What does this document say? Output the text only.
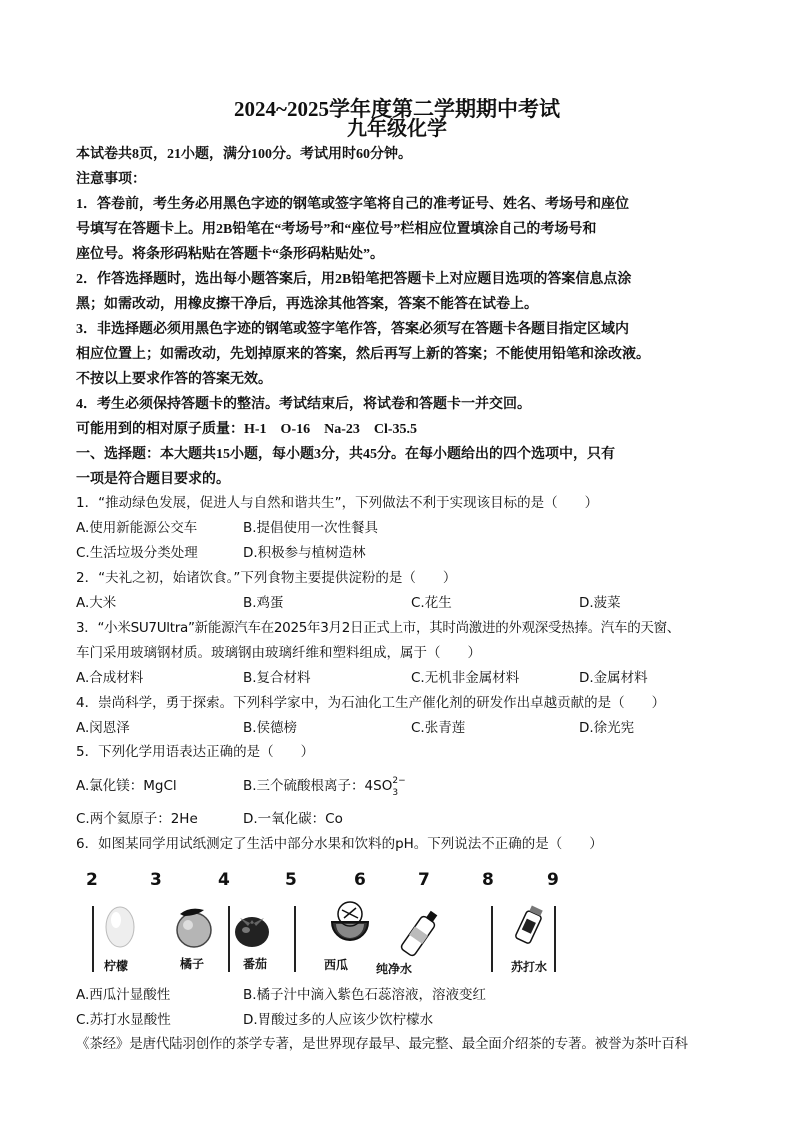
2024~2025学年度第二学期期中考试
九年级化学
本试卷共8页，21小题，满分100分。考试用时60分钟。
注意事项：
1．答卷前，考生务必用黑色字迹的钢笔或签字笔将自己的准考证号、姓名、考场号和座位
号填写在答题卡上。用2B铅笔在“考场号”和“座位号”栏相应位置填涂自己的考场号和
座位号。将条形码粘贴在答题卡“条形码粘贴处”。
2．作答选择题时，选出每小题答案后，用2B铅笔把答题卡上对应题目选项的答案信息点涂
黑；如需改动，用橡皮擦干净后，再选涂其他答案，答案不能答在试卷上。
3．非选择题必须用黑色字迹的钢笔或签字笔作答，答案必须写在答题卡各题目指定区域内
相应位置上；如需改动，先划掉原来的答案，然后再写上新的答案；不能使用铅笔和涂改液。
不按以上要求作答的答案无效。
4．考生必须保持答题卡的整洁。考试结束后，将试卷和答题卡一并交回。
可能用到的相对原子质量：H-1　O-16　Na-23　Cl-35.5
一、选择题：本大题共15小题，每小题3分，共45分。在每小题给出的四个选项中，只有
一项是符合题目要求的。
1．“推动绿色发展，促进人与自然和谐共生”，下列做法不利于实现该目标的是（　　）
A.使用新能源公交车	B.提倡使用一次性餐具
C.生活垃圾分类处理	D.积极参与植树造林
2．“夫礼之初，始诸饮食。”下列食物主要提供淀粉的是（　　）
A.大米	B.鸡蛋	C.花生	D.菠菜
3．“小米SU7Ultra”新能源汽车在2025年3月2日正式上市，其时尚激进的外观深受热捧。汽车的天窗、
车门采用玻璃钢材质。玻璃钢由玻璃纤维和塑料组成，属于（　　）
A.合成材料	B.复合材料	C.无机非金属材料	D.金属材料
4．崇尚科学，勇于探索。下列科学家中，为石油化工生产催化剂的研发作出卓越贡献的是（　　）
A.闵恩泽	B.侯德榜	C.张青莲	D.徐光宪
5．下列化学用语表达正确的是（　　）
A.氯化镁：MgCl	B.三个硫酸根离子：4SO 2−
3
C.两个氦原子：2He	D.一氧化碳：Co
6．如图某同学用试纸测定了生活中部分水果和饮料的pH。下列说法不正确的是（　　）
2	3	4	5	6	7	8	9
柠檬	橘子	番茄	西瓜 纯净水	苏打水
A.西瓜汁显酸性	B.橘子汁中滴入紫色石蕊溶液，溶液变红
C.苏打水显酸性	D.胃酸过多的人应该少饮柠檬水
《茶经》是唐代陆羽创作的茶学专著，是世界现存最早、最完整、最全面介绍茶的专著。被誉为茶叶百科
